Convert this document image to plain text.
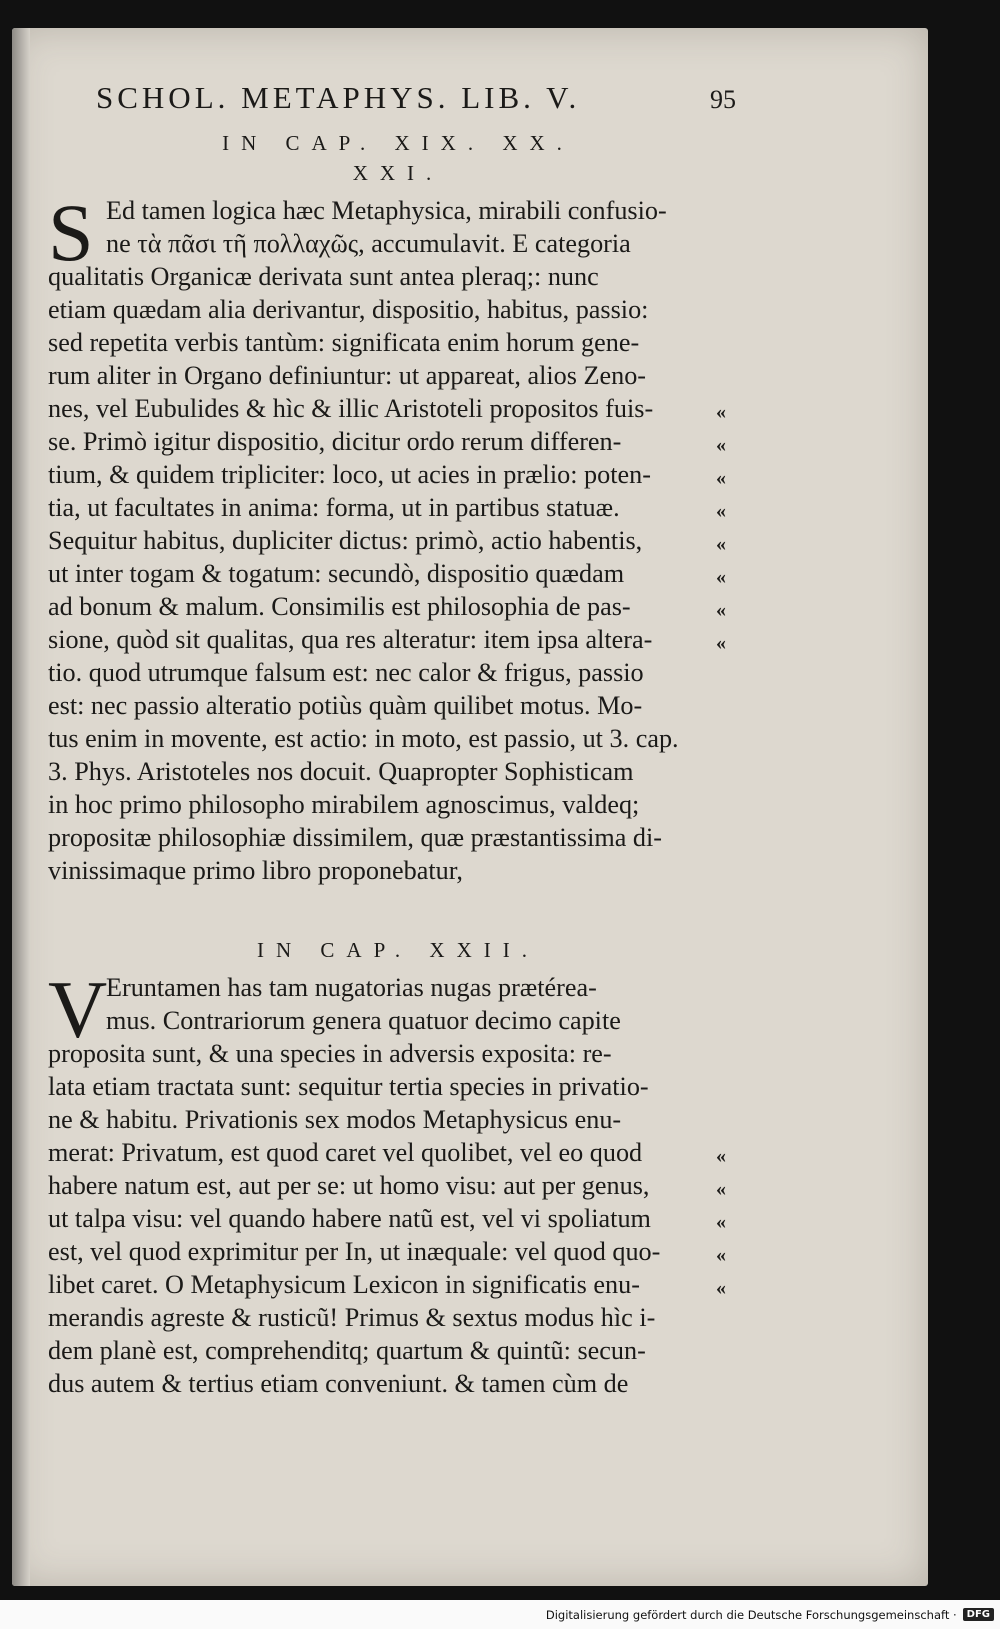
SCHOL. METAPHYS. LIB. V.	95
IN CAP. XIX. XX.
XXI.
S Ed tamen logica hæc Metaphysica, mirabili confusio-
ne τὰ πᾶσι τῆ πολλαχῶς, accumulavit. E categoria
qualitatis Organicæ derivata sunt antea pleraq;: nunc
etiam quædam alia derivantur, dispositio, habitus, passio:
sed repetita verbis tantùm: significata enim horum gene-
rum aliter in Organo definiuntur: ut appareat, alios Zeno-
nes, vel Eubulides & hìc & illic Aristoteli propositos fuis-	«
se. Primò igitur dispositio, dicitur ordo rerum differen-	«
tium, & quidem tripliciter: loco, ut acies in prælio: poten-	«
tia, ut facultates in anima: forma, ut in partibus statuæ.	«
Sequitur habitus, dupliciter dictus: primò, actio habentis,	«
ut inter togam & togatum: secundò, dispositio quædam	«
ad bonum & malum. Consimilis est philosophia de pas-	«
sione, quòd sit qualitas, qua res alteratur: item ipsa altera-	«
tio. quod utrumque falsum est: nec calor & frigus, passio
est: nec passio alteratio potiùs quàm quilibet motus. Mo-
tus enim in movente, est actio: in moto, est passio, ut 3. cap.
3. Phys. Aristoteles nos docuit. Quapropter Sophisticam
in hoc primo philosopho mirabilem agnoscimus, valdeq;
propositæ philosophiæ dissimilem, quæ præstantissima di-
vinissimaque primo libro proponebatur,
IN CAP. XXII.
V
Eruntamen has tam nugatorias nugas prætérea-
mus. Contrariorum genera quatuor decimo capite
proposita sunt, & una species in adversis exposita: re-
lata etiam tractata sunt: sequitur tertia species in privatio-
ne & habitu. Privationis sex modos Metaphysicus enu-
merat: Privatum, est quod caret vel quolibet, vel eo quod	«
habere natum est, aut per se: ut homo visu: aut per genus,	«
ut talpa visu: vel quando habere natũ est, vel vi spoliatum	«
est, vel quod exprimitur per In, ut inæquale: vel quod quo-	«
libet caret. O Metaphysicum Lexicon in significatis enu-	«
merandis agreste & rusticũ! Primus & sextus modus hìc i-
dem planè est, comprehenditq; quartum & quintũ: secun-
dus autem & tertius etiam conveniunt. & tamen cùm de
Digitalisierung gefördert durch die Deutsche Forschungsgemeinschaft ·	DFG
